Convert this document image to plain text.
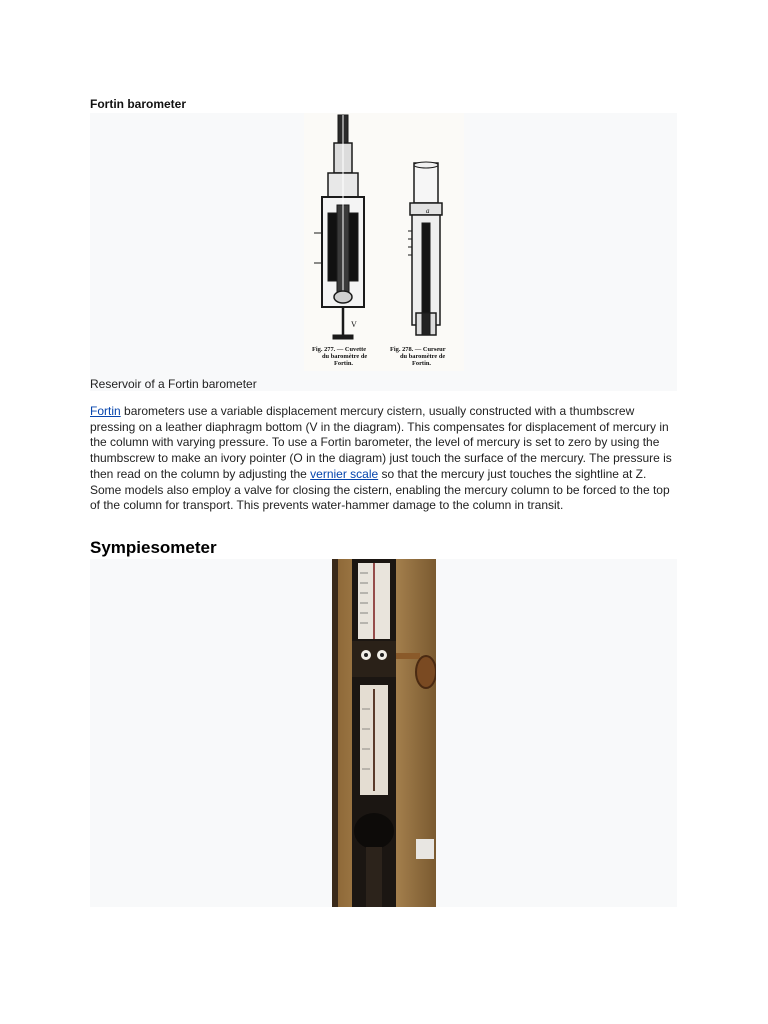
Fortin barometer
V
a
Fig. 277. — Cuvette
du baromètre de
Fortin.
Fig. 278. — Curseur
du baromètre de
Fortin.
Reservoir of a Fortin barometer
Fortin barometers use a variable displacement mercury cistern, usually constructed with a thumbscrew pressing on a leather diaphragm bottom (V in the diagram). This compensates for displacement of mercury in the column with varying pressure. To use a Fortin barometer, the level of mercury is set to zero by using the thumbscrew to make an ivory pointer (O in the diagram) just touch the surface of the mercury. The pressure is then read on the column by adjusting the vernier scale so that the mercury just touches the sightline at Z. Some models also employ a valve for closing the cistern, enabling the mercury column to be forced to the top of the column for transport. This prevents water-hammer damage to the column in transit.
Sympiesometer
